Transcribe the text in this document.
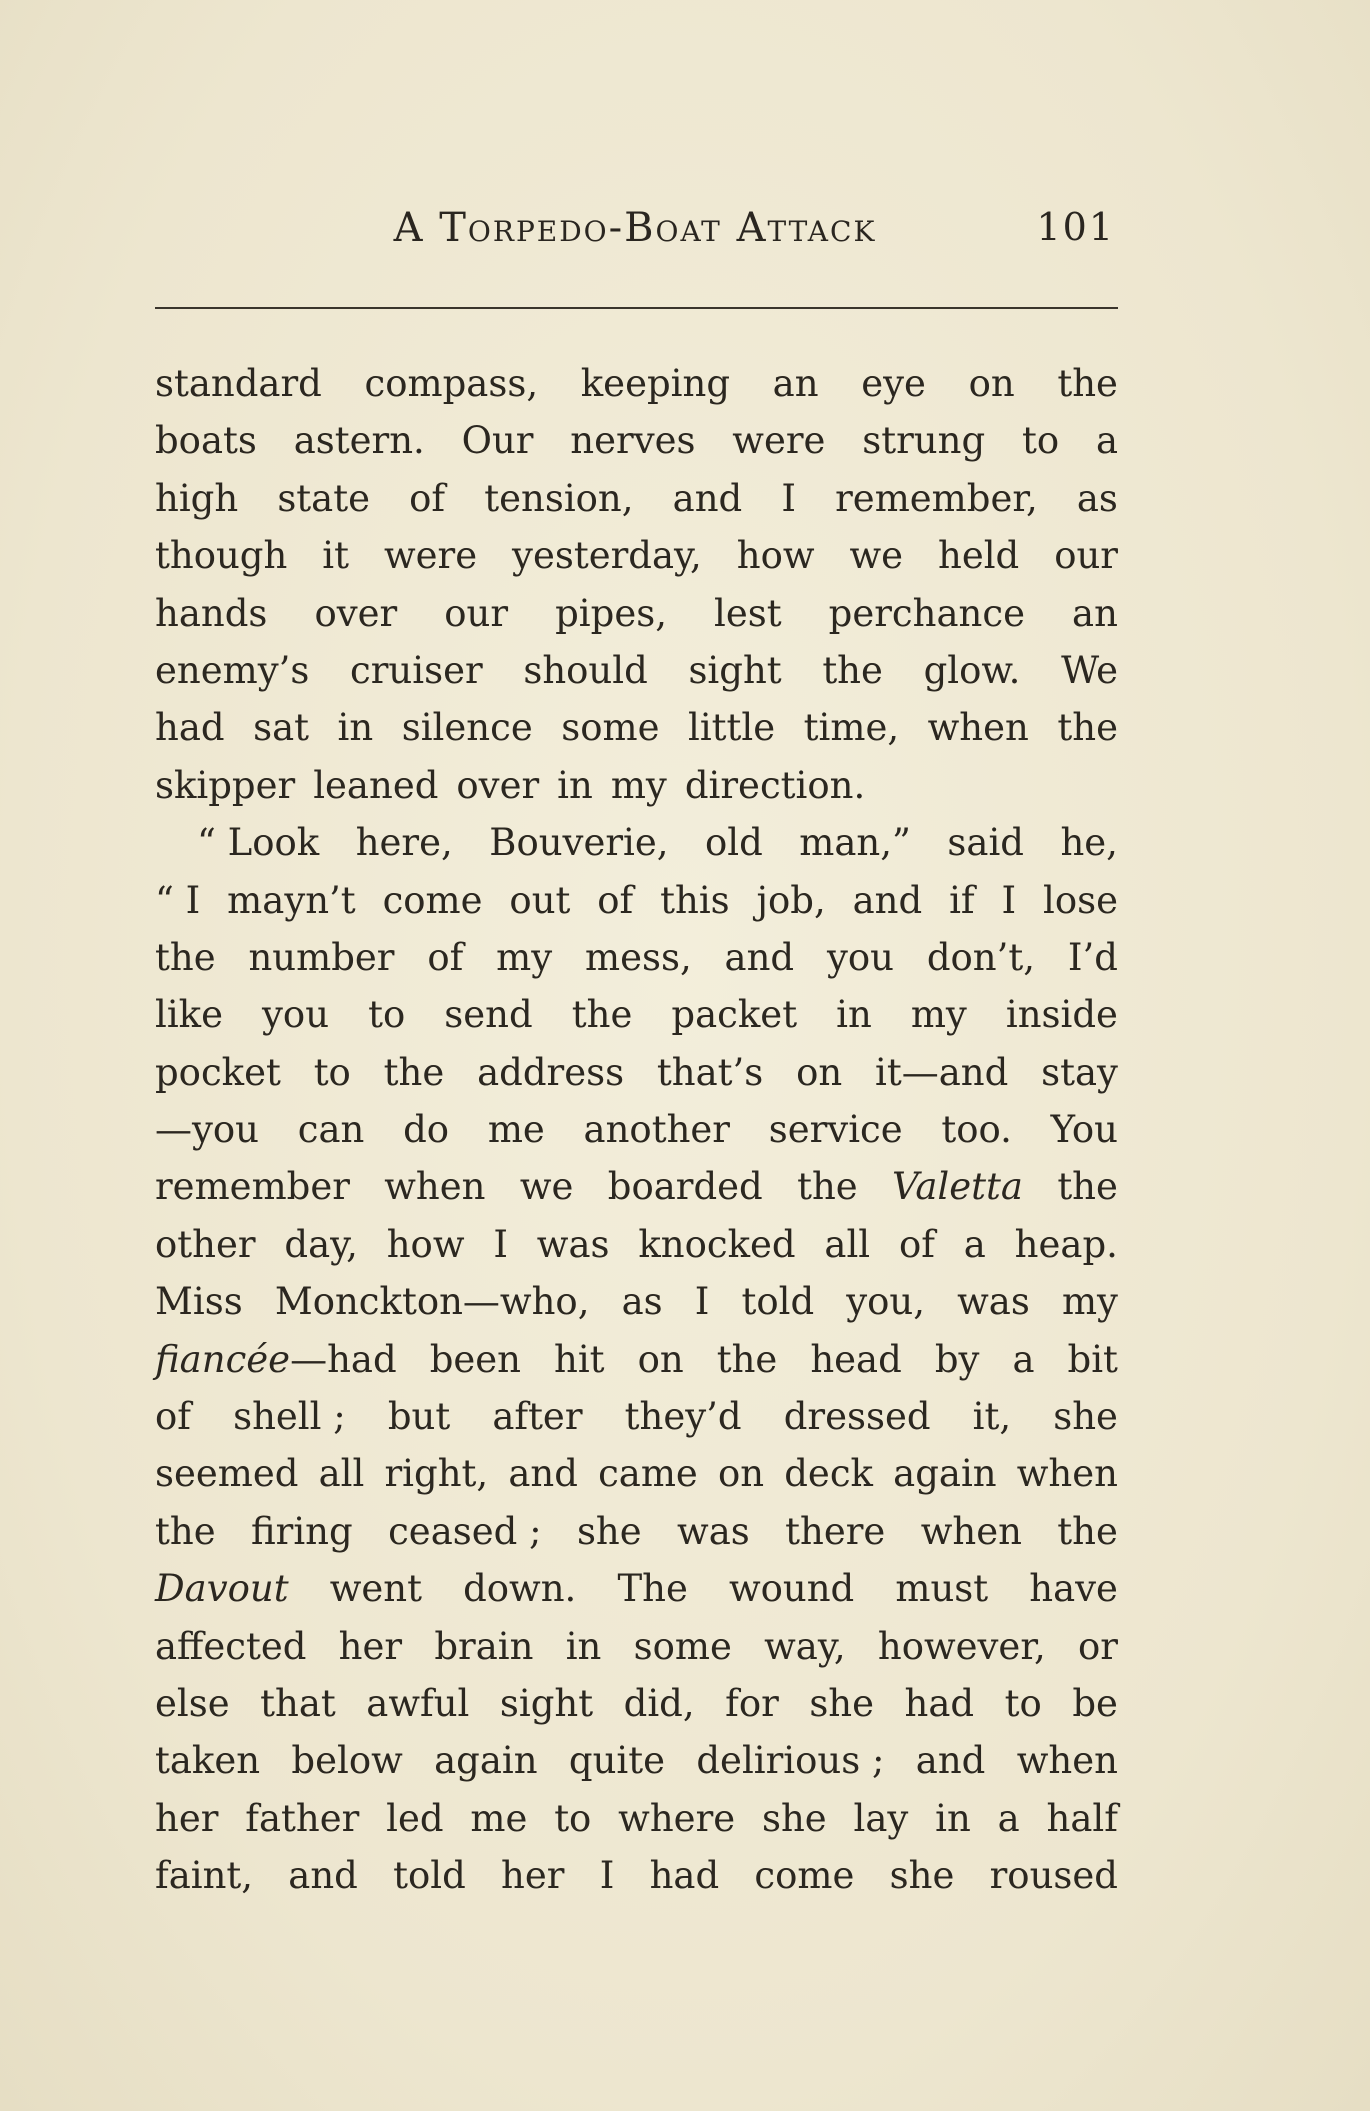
A Torpedo-Boat Attack	101
standard compass, keeping an eye on the
boats astern. Our nerves were strung to a
high state of tension, and I remember, as
though it were yesterday, how we held our
hands over our pipes, lest perchance an
enemy’s cruiser should sight the glow. We
had sat in silence some little time, when the
skipper leaned over in my direction.
“ Look here, Bouverie, old man,” said he,
“ I mayn’t come out of this job, and if I lose
the number of my mess, and you don’t, I’d
like you to send the packet in my inside
pocket to the address that’s on it—and stay
—you can do me another service too. You
remember when we boarded the Valetta the
other day, how I was knocked all of a heap.
Miss Monckton—who, as I told you, was my
fiancée—had been hit on the head by a bit
of shell ; but after they’d dressed it, she
seemed all right, and came on deck again when
the firing ceased ; she was there when the
Davout went down. The wound must have
affected her brain in some way, however, or
else that awful sight did, for she had to be
taken below again quite delirious ; and when
her father led me to where she lay in a half
faint, and told her I had come she roused
